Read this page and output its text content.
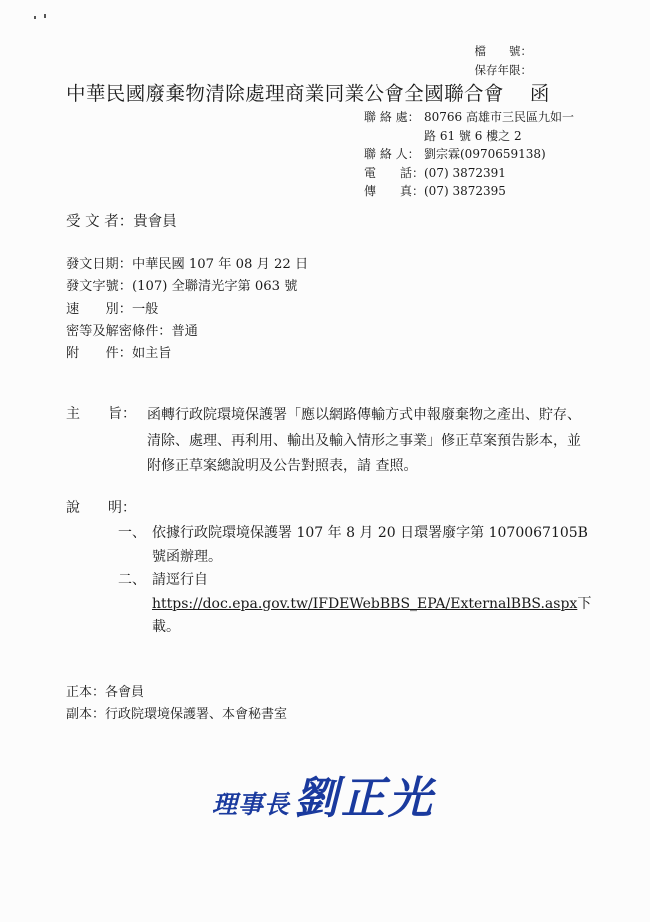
檔　　號：
保存年限：
中華民國廢棄物清除處理商業同業公會全國聯合會 函
聯 絡 處： 80766 高雄市三民區九如一
路 61 號 6 樓之 2
聯 絡 人： 劉宗霖(0970659138)
電　　話： (07) 3872391
傳　　真： (07) 3872395
受 文 者：貴會員
發文日期：中華民國 107 年 08 月 22 日
發文字號：(107) 全聯清光字第 063 號
速　　別：一般
密等及解密條件：普通
附　　件：如主旨
主　　旨： 函轉行政院環境保護署「應以網路傳輸方式申報廢棄物之產出、貯存、清除、處理、再利用、輸出及輸入情形之事業」修正草案預告影本，並附修正草案總說明及公告對照表，請 查照。
說　　明：
一、 依據行政院環境保護署 107 年 8 月 20 日環署廢字第 1070067105B 號函辦理。
二、 請逕行自
https://doc.epa.gov.tw/IFDEWebBBS_EPA/ExternalBBS.aspx下載。
正本：各會員
副本：行政院環境保護署、本會秘書室
理事長劉正光
